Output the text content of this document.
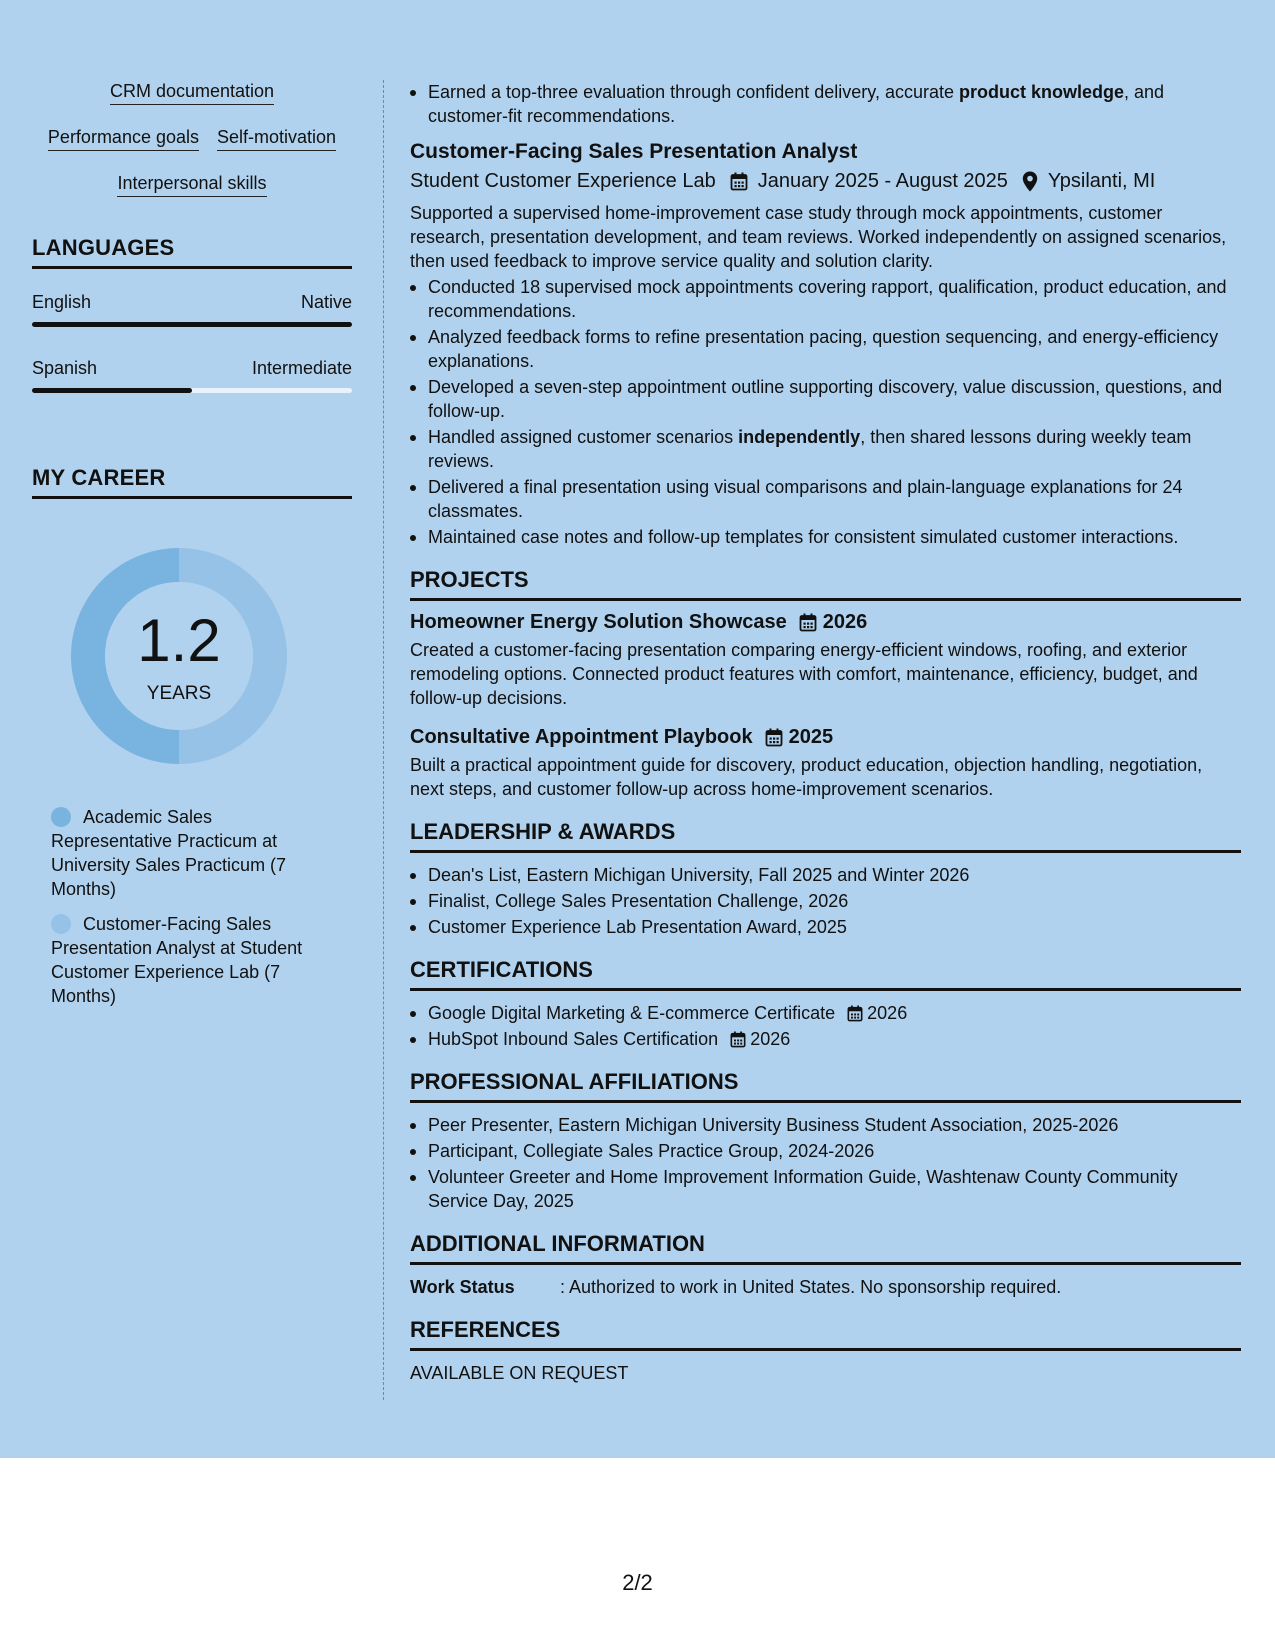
CRM documentation
Performance goals Self-motivation
Interpersonal skills
LANGUAGES
English	Native
Spanish	Intermediate
MY CAREER
1.2
YEARS
Academic Sales Representative Practicum at University Sales Practicum (7 Months)
Customer-Facing Sales Presentation Analyst at Student Customer Experience Lab (7 Months)
Earned a top-three evaluation through confident delivery, accurate product knowledge, and customer-fit recommendations.
Customer-Facing Sales Presentation Analyst
Student Customer Experience Lab January 2025 - August 2025 Ypsilanti, MI
Supported a supervised home-improvement case study through mock appointments, customer research, presentation development, and team reviews. Worked independently on assigned scenarios, then used feedback to improve service quality and solution clarity.
Conducted 18 supervised mock appointments covering rapport, qualification, product education, and recommendations.
Analyzed feedback forms to refine presentation pacing, question sequencing, and energy-efficiency explanations.
Developed a seven-step appointment outline supporting discovery, value discussion, questions, and follow-up.
Handled assigned customer scenarios independently, then shared lessons during weekly team reviews.
Delivered a final presentation using visual comparisons and plain-language explanations for 24 classmates.
Maintained case notes and follow-up templates for consistent simulated customer interactions.
PROJECTS
Homeowner Energy Solution Showcase 2026
Created a customer-facing presentation comparing energy-efficient windows, roofing, and exterior remodeling options. Connected product features with comfort, maintenance, efficiency, budget, and follow-up decisions.
Consultative Appointment Playbook 2025
Built a practical appointment guide for discovery, product education, objection handling, negotiation, next steps, and customer follow-up across home-improvement scenarios.
LEADERSHIP & AWARDS
Dean's List, Eastern Michigan University, Fall 2025 and Winter 2026
Finalist, College Sales Presentation Challenge, 2026
Customer Experience Lab Presentation Award, 2025
CERTIFICATIONS
Google Digital Marketing & E-commerce Certificate 2026
HubSpot Inbound Sales Certification 2026
PROFESSIONAL AFFILIATIONS
Peer Presenter, Eastern Michigan University Business Student Association, 2025-2026
Participant, Collegiate Sales Practice Group, 2024-2026
Volunteer Greeter and Home Improvement Information Guide, Washtenaw County Community Service Day, 2025
ADDITIONAL INFORMATION
Work Status	: Authorized to work in United States. No sponsorship required.
REFERENCES
AVAILABLE ON REQUEST
2/2
